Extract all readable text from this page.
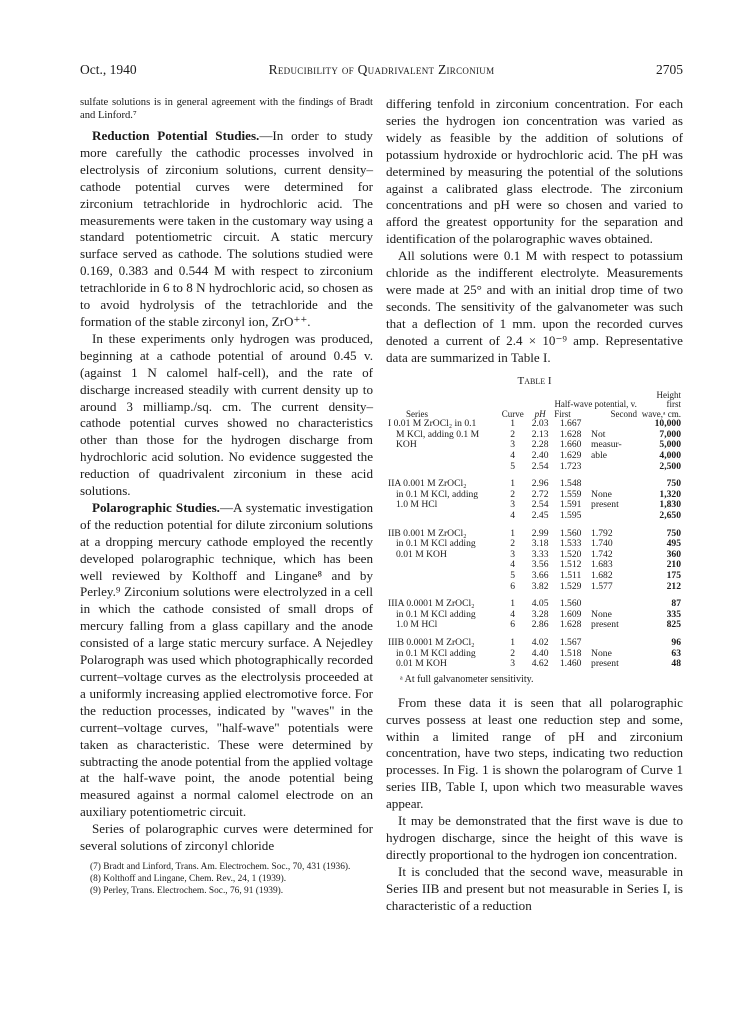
Oct., 1940	Reducibility of Quadrivalent Zirconium	2705

sulfate solutions is in general agreement with the findings of Bradt and Linford.⁷

Reduction Potential Studies.—In order to study more carefully the cathodic processes involved in electrolysis of zirconium solutions, current density–cathode potential curves were determined for zirconium tetrachloride in hydrochloric acid. The measurements were taken in the customary way using a standard potentiometric circuit. A static mercury surface served as cathode. The solutions studied were 0.169, 0.383 and 0.544 M with respect to zirconium tetrachloride in 6 to 8 N hydrochloric acid, so chosen as to avoid hydrolysis of the tetrachloride and the formation of the stable zirconyl ion, ZrO⁺⁺.

In these experiments only hydrogen was produced, beginning at a cathode potential of around 0.45 v. (against 1 N calomel half-cell), and the rate of discharge increased steadily with current density up to around 3 milliamp./sq. cm. The current density–cathode potential curves showed no characteristics other than those for the hydrogen discharge from hydrochloric acid solution. No evidence suggested the reduction of quadrivalent zirconium in these acid solutions.

Polarographic Studies.—A systematic investigation of the reduction potential for dilute zirconium solutions at a dropping mercury cathode employed the recently developed polarographic technique, which has been well reviewed by Kolthoff and Lingane⁸ and by Perley.⁹ Zirconium solutions were electrolyzed in a cell in which the cathode consisted of small drops of mercury falling from a glass capillary and the anode consisted of a large static mercury surface. A Nejedley Polarograph was used which photographically recorded current–voltage curves as the electrolysis proceeded at a uniformly increasing applied electromotive force. For the reduction processes, indicated by "waves" in the current–voltage curves, "half-wave" potentials were taken as characteristic. These were determined by subtracting the anode potential from the applied voltage at the half-wave point, the anode potential being measured against a normal calomel electrode on an auxiliary potentiometric circuit.

Series of polarographic curves were determined for several solutions of zirconyl chloride

(7) Bradt and Linford, Trans. Am. Electrochem. Soc., 70, 431 (1936).

(8) Kolthoff and Lingane, Chem. Rev., 24, 1 (1939).

(9) Perley, Trans. Electrochem. Soc., 76, 91 (1939).

differing tenfold in zirconium concentration. For each series the hydrogen ion concentration was varied as widely as feasible by the addition of solutions of potassium hydroxide or hydrochloric acid. The pH was determined by measuring the potential of the solutions against a calibrated glass electrode. The zirconium concentrations and pH were so chosen and varied to afford the greatest opportunity for the separation and identification of the polarographic waves obtained.

All solutions were 0.1 M with respect to potassium chloride as the indifferent electrolyte. Measurements were made at 25° and with an initial drop time of two seconds. The sensitivity of the galvanometer was such that a deflection of 1 mm. upon the recorded curves denoted a current of 2.4 × 10⁻⁹ amp. Representative data are summarized in Table I.

Table I
Series	Curve	pH	Half-wave potential, v.
First Second		Height first wave,ᵃ cm.
I 0.01 M ZrOCl₂ in 0.1	1	2.03	1.667		10,000
M KCl, adding 0.1 M	2	2.13	1.628	Not	7,000
KOH	3	2.28	1.660	measur-	5,000
	4	2.40	1.629	able	4,000
	5	2.54	1.723		2,500
IIA 0.001 M ZrOCl₂	1	2.96	1.548		750
in 0.1 M KCl, adding	2	2.72	1.559	None	1,320
1.0 M HCl	3	2.54	1.591	present	1,830
	4	2.45	1.595		2,650
IIB 0.001 M ZrOCl₂	1	2.99	1.560	1.792	750
in 0.1 M KCl adding	2	3.18	1.533	1.740	495
0.01 M KOH	3	3.33	1.520	1.742	360
	4	3.56	1.512	1.683	210
	5	3.66	1.511	1.682	175
	6	3.82	1.529	1.577	212
IIIA 0.0001 M ZrOCl₂	1	4.05	1.560		87
in 0.1 M KCl adding	4	3.28	1.609	None	335
1.0 M HCl	6	2.86	1.628	present	825
IIIB 0.0001 M ZrOCl₂	1	4.02	1.567		96
in 0.1 M KCl adding	2	4.40	1.518	None	63
0.01 M KOH	3	4.62	1.460	present	48
ᵃ At full galvanometer sensitivity.

From these data it is seen that all polarographic curves possess at least one reduction step and some, within a limited range of pH and zirconium concentration, have two steps, indicating two reduction processes. In Fig. 1 is shown the polarogram of Curve 1 series IIB, Table I, upon which two measurable waves appear.

It may be demonstrated that the first wave is due to hydrogen discharge, since the height of this wave is directly proportional to the hydrogen ion concentration.

It is concluded that the second wave, measurable in Series IIB and present but not measurable in Series I, is characteristic of a reduction
